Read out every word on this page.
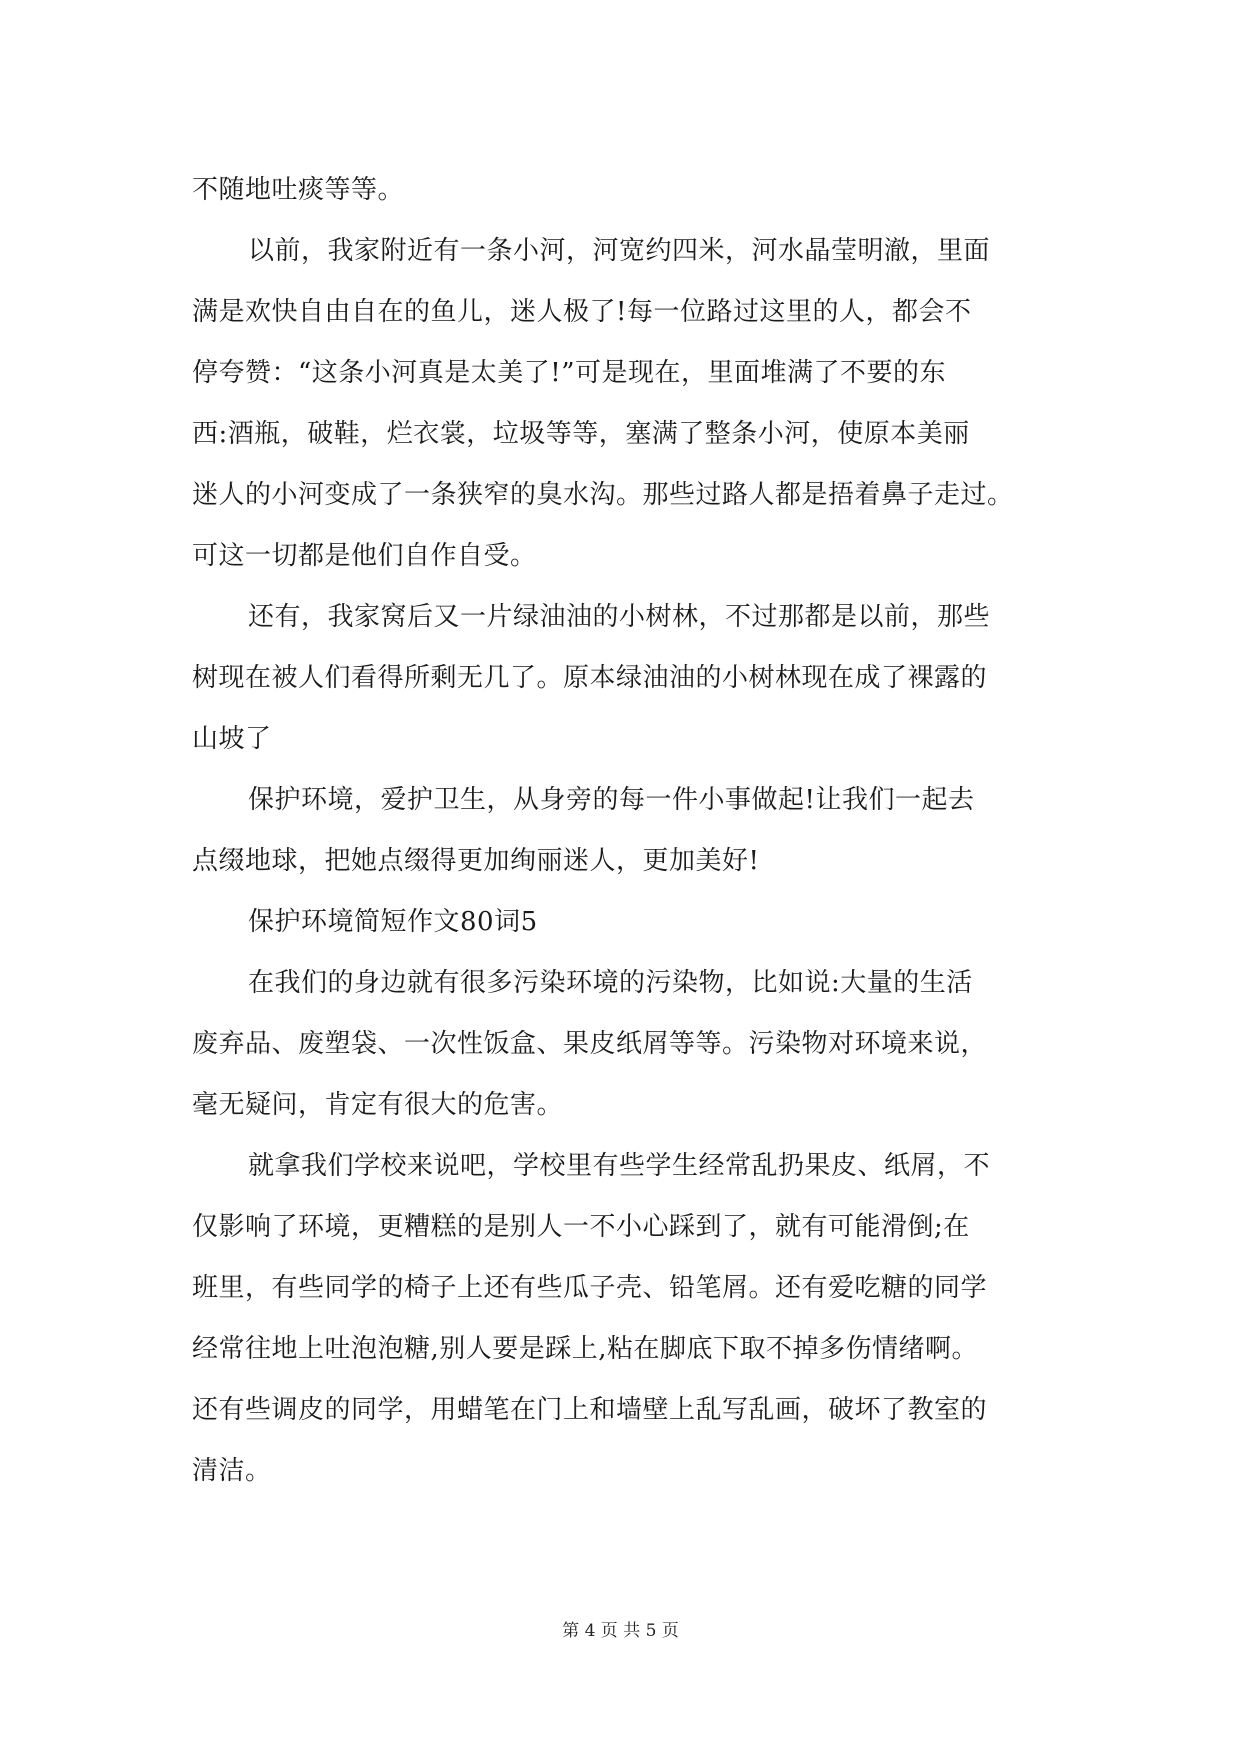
不随地吐痰等等。
以前，我家附近有一条小河，河宽约四米，河水晶莹明澈，里面
满是欢快自由自在的鱼儿，迷人极了!每一位路过这里的人，都会不
停夸赞：“这条小河真是太美了!”可是现在，里面堆满了不要的东
西:酒瓶，破鞋，烂衣裳，垃圾等等，塞满了整条小河，使原本美丽
迷人的小河变成了一条狭窄的臭水沟。那些过路人都是捂着鼻子走过。
可这一切都是他们自作自受。
还有，我家窝后又一片绿油油的小树林，不过那都是以前，那些
树现在被人们看得所剩无几了。原本绿油油的小树林现在成了裸露的
山坡了
保护环境，爱护卫生，从身旁的每一件小事做起!让我们一起去
点缀地球，把她点缀得更加绚丽迷人，更加美好!
保护环境简短作文80词5
在我们的身边就有很多污染环境的污染物，比如说:大量的生活
废弃品、废塑袋、一次性饭盒、果皮纸屑等等。污染物对环境来说，
毫无疑问，肯定有很大的危害。
就拿我们学校来说吧，学校里有些学生经常乱扔果皮、纸屑，不
仅影响了环境，更糟糕的是别人一不小心踩到了，就有可能滑倒;在
班里，有些同学的椅子上还有些瓜子壳、铅笔屑。还有爱吃糖的同学
经常往地上吐泡泡糖,别人要是踩上,粘在脚底下取不掉多伤情绪啊。
还有些调皮的同学，用蜡笔在门上和墙壁上乱写乱画，破坏了教室的
清洁。
第 4 页 共 5 页
